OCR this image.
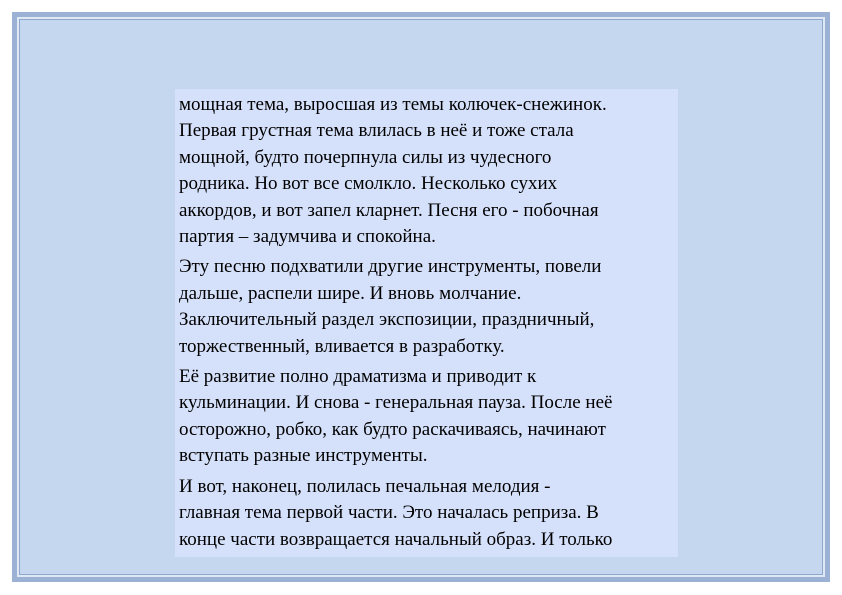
мощная тема, выросшая из темы колючек-снежинок.
Первая грустная тема влилась в неё и тоже стала
мощной, будто почерпнула силы из чудесного
родника. Но вот все смолкло. Несколько сухих
аккордов, и вот запел кларнет. Песня его - побочная
партия – задумчива и спокойна.

Эту песню подхватили другие инструменты, повели
дальше, распели шире. И вновь молчание.
Заключительный раздел экспозиции, праздничный,
торжественный, вливается в разработку.

Её развитие полно драматизма и приводит к
кульминации. И снова - генеральная пауза. После неё
осторожно, робко, как будто раскачиваясь, начинают
вступать разные инструменты.

И вот, наконец, полилась печальная мелодия -
главная тема первой части. Это началась реприза. В
конце части возвращается начальный образ. И только
